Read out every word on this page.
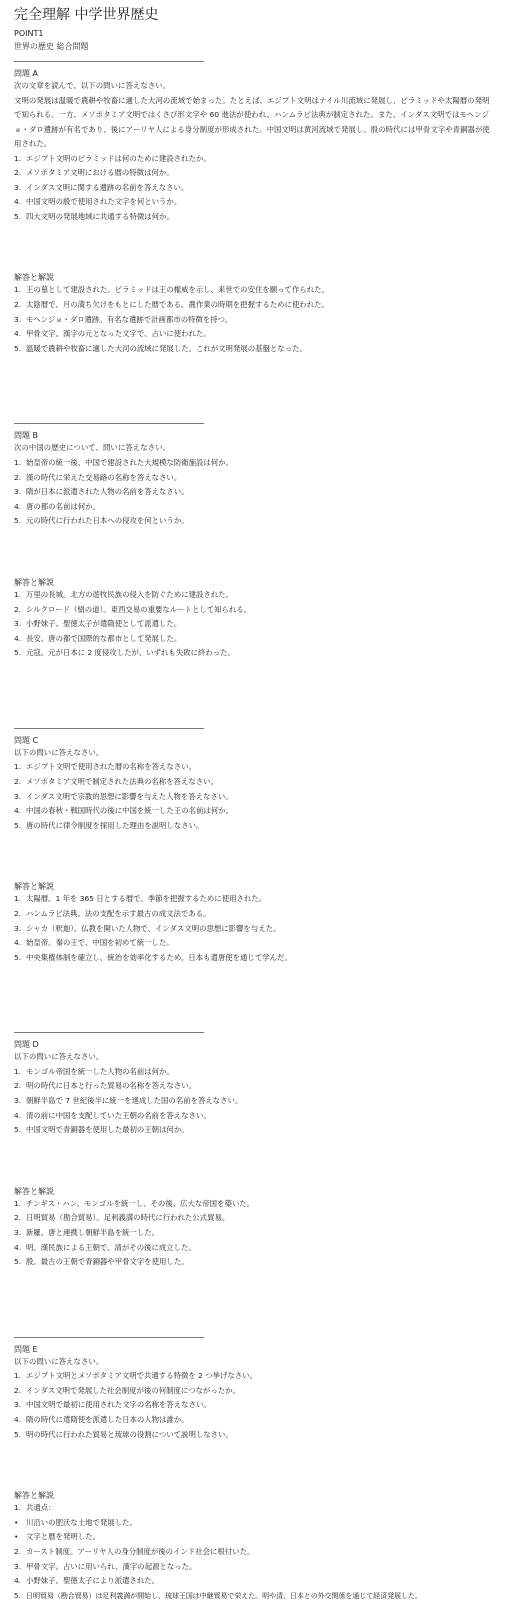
完全理解 中学世界歴史
POINT1
世界の歴史 総合問題
問題 A
次の文章を読んで、以下の問いに答えなさい。
文明の発展は温暖で農耕や牧畜に適した大河の流域で始まった。たとえば、エジプト文明はナイル川流域に発展し、ピラミッドや太陽暦の発明で知られる。一方、メソポタミア文明ではくさび形文字や 60 進法が使われ、ハンムラビ法典が制定された。また、インダス文明ではモヘンジョ・ダロ遺跡が有名であり、後にアーリヤ人による身分制度が形成された。中国文明は黄河流域で発展し、殷の時代には甲骨文字や青銅器が使用された。
1. エジプト文明のピラミッドは何のために建設されたか。
2. メソポタミア文明における暦の特徴は何か。
3. インダス文明に関する遺跡の名前を答えなさい。
4. 中国文明の殷で使用された文字を何というか。
5. 四大文明の発展地域に共通する特徴は何か。
解答と解説
1. 王の墓として建設された。ピラミッドは王の権威を示し、来世での安住を願って作られた。
2. 太陰暦で、月の満ち欠けをもとにした暦である。農作業の時期を把握するために使われた。
3. モヘンジョ・ダロ遺跡。有名な遺跡で計画都市の特徴を持つ。
4. 甲骨文字。漢字の元となった文字で、占いに使われた。
5. 温暖で農耕や牧畜に適した大河の流域に発展した。これが文明発展の基盤となった。
問題 B
次の中国の歴史について、問いに答えなさい。
1. 始皇帝の統一後、中国で建設された大規模な防衛施設は何か。
2. 漢の時代に栄えた交易路の名称を答えなさい。
3. 隋が日本に派遣された人物の名前を答えなさい。
4. 唐の都の名前は何か。
5. 元の時代に行われた日本への侵攻を何というか。
解答と解説
1. 万里の長城。北方の遊牧民族の侵入を防ぐために建設された。
2. シルクロード（絹の道）。東西交易の重要なルートとして知られる。
3. 小野妹子。聖徳太子が遣隋使として派遣した。
4. 長安。唐の都で国際的な都市として発展した。
5. 元寇。元が日本に 2 度侵攻したが、いずれも失敗に終わった。
問題 C
以下の問いに答えなさい。
1. エジプト文明で使用された暦の名称を答えなさい。
2. メソポタミア文明で制定された法典の名称を答えなさい。
3. インダス文明で宗教的思想に影響を与えた人物を答えなさい。
4. 中国の春秋・戦国時代の後に中国を統一した王の名前は何か。
5. 唐の時代に律令制度を採用した理由を説明しなさい。
解答と解説
1. 太陽暦。1 年を 365 日とする暦で、季節を把握するために使用された。
2. ハンムラビ法典。法の支配を示す最古の成文法である。
3. シャカ（釈迦）。仏教を開いた人物で、インダス文明の思想に影響を与えた。
4. 始皇帝。秦の王で、中国を初めて統一した。
5. 中央集権体制を確立し、統治を効率化するため。日本も遣唐使を通じて学んだ。
問題 D
以下の問いに答えなさい。
1. モンゴル帝国を統一した人物の名前は何か。
2. 明の時代に日本と行った貿易の名称を答えなさい。
3. 朝鮮半島で 7 世紀後半に統一を達成した国の名前を答えなさい。
4. 清の前に中国を支配していた王朝の名前を答えなさい。
5. 中国文明で青銅器を使用した最初の王朝は何か。
解答と解説
1. チンギス・ハン。モンゴルを統一し、その後、広大な帝国を築いた。
2. 日明貿易（勘合貿易）。足利義満の時代に行われた公式貿易。
3. 新羅。唐と連携し朝鮮半島を統一した。
4. 明。漢民族による王朝で、清がその後に成立した。
5. 殷。最古の王朝で青銅器や甲骨文字を使用した。
問題 E
以下の問いに答えなさい。
1. エジプト文明とメソポタミア文明で共通する特徴を 2 つ挙げなさい。
2. インダス文明で発展した社会制度が後の何制度につながったか。
3. 中国文明で最初に使用された文字の名称を答えなさい。
4. 隋の時代に遣隋使を派遣した日本の人物は誰か。
5. 明の時代に行われた貿易と琉球の役割について説明しなさい。
解答と解説
1. 共通点：
• 川沿いの肥沃な土地で発展した。
• 文字と暦を発明した。
2. カースト制度。アーリヤ人の身分制度が後のインド社会に根付いた。
3. 甲骨文字。占いに用いられ、漢字の起源となった。
4. 小野妹子。聖徳太子により派遣された。
5. 日明貿易（勘合貿易）は足利義満が開始し、琉球王国は中継貿易で栄えた。明や清、日本との外交関係を通じて経済発展した。
